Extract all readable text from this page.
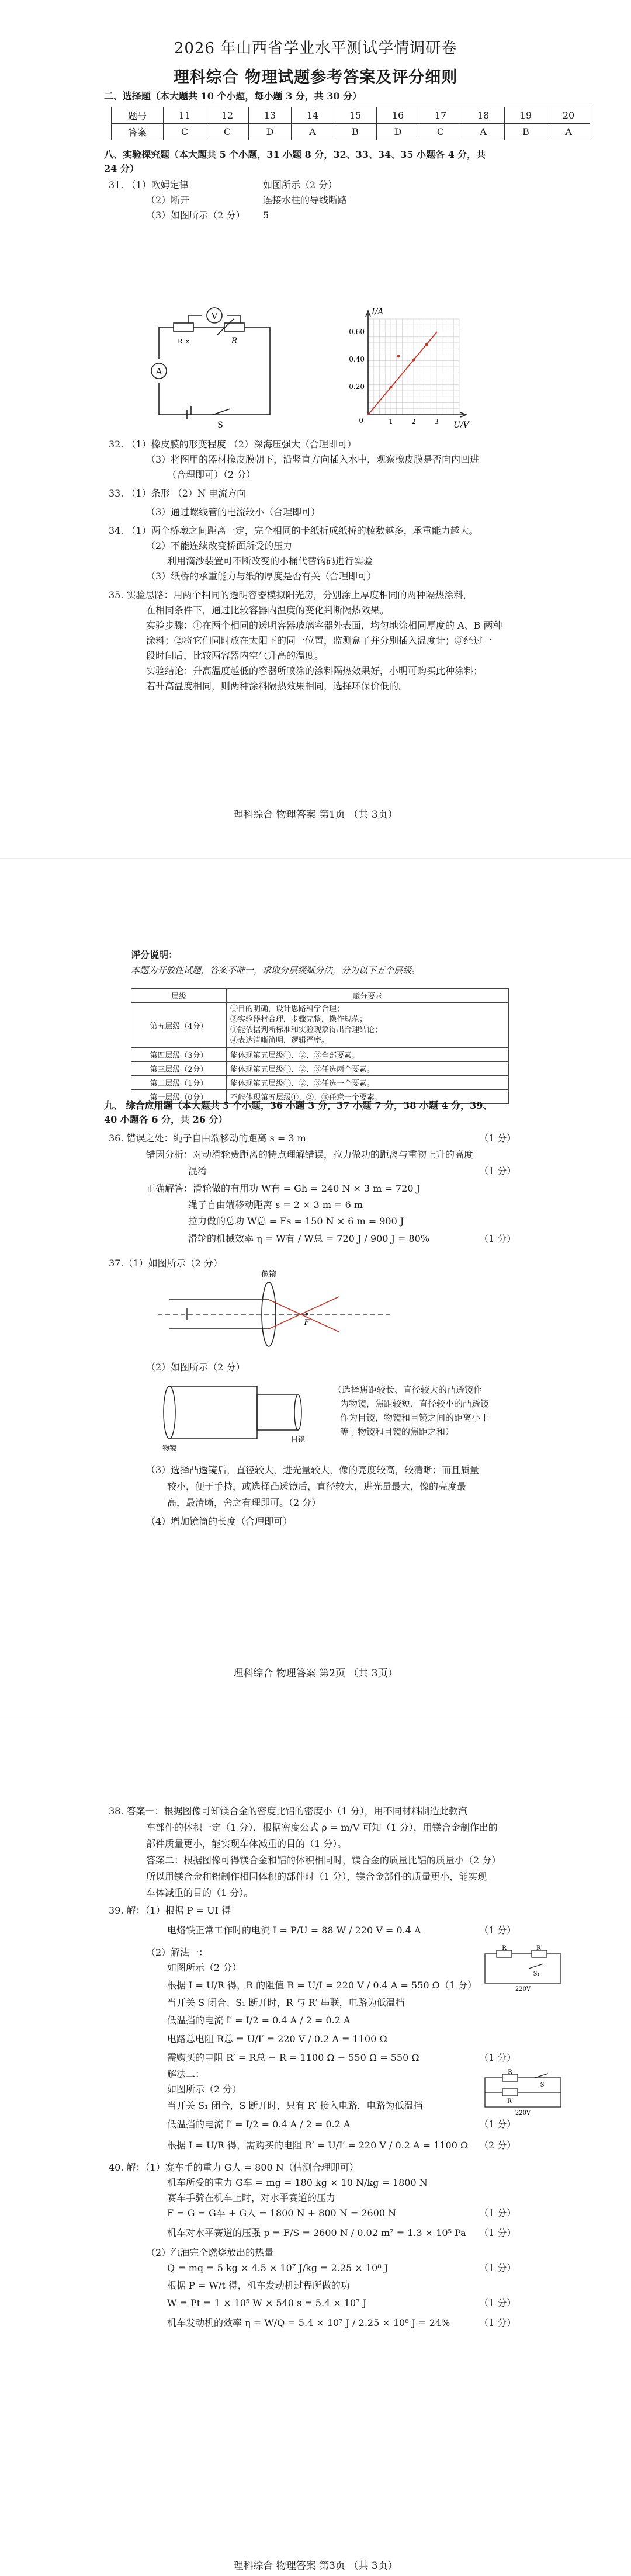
2026 年山西省学业水平测试学情调研卷
理科综合 物理试题参考答案及评分细则
二、选择题（本大题共 10 个小题，每小题 3 分，共 30 分）
题号	11	12	13	14	15	16	17	18	19	20
答案	C	C	D	A	B	D	C	A	B	A
八、实验探究题（本大题共 5 个小题，31 小题 8 分，32、33、34、35 小题各 4 分，共
24 分）
31. （1）欧姆定律	如图所示（2 分）
（2）断开	连接水柱的导线断路
（3）如图所示（2 分） 5
V
A
R
R_x
S
I/A
U/V
0.60
0.40
0.20
0	1	2	3
32. （1）橡皮膜的形变程度 （2）深海压强大（合理即可）
（3）将图甲的器材橡皮膜朝下，沿竖直方向插入水中，观察橡皮膜是否向内凹进
（合理即可）（2 分）
33. （1）条形 （2）N 电流方向
（3）通过螺线管的电流较小（合理即可）
34. （1）两个桥墩之间距离一定，完全相同的卡纸折成纸桥的棱数越多，承重能力越大。
（2）不能连续改变桥面所受的压力
利用滴沙装置可不断改变的小桶代替钩码进行实验
（3）纸桥的承重能力与纸的厚度是否有关（合理即可）
35. 实验思路：用两个相同的透明容器模拟阳光房，分别涂上厚度相同的两种隔热涂料，
在相同条件下，通过比较容器内温度的变化判断隔热效果。
实验步骤：①在两个相同的透明容器玻璃容器外表面，均匀地涂相同厚度的 A、B 两种
涂料；②将它们同时放在太阳下的同一位置，监测盒子并分别插入温度计；③经过一
段时间后，比较两容器内空气升高的温度。
实验结论：升高温度越低的容器所喷涂的涂料隔热效果好，小明可购买此种涂料；
若升高温度相同，则两种涂料隔热效果相同，选择环保价低的。
理科综合 物理答案 第1页 （共 3页）
评分说明：
本题为开放性试题，答案不唯一，求取分层级赋分法，分为以下五个层级。
层级	赋分要求
第五层级（4分）	①目的明确，设计思路科学合理；
②实验器材合理，步骤完整，操作规范；
③能依据判断标准和实验现象得出合理结论；
④表达清晰简明，逻辑严密。
第四层级（3分）	能体现第五层级①、②、③全部要素。
第三层级（2分）	能体现第五层级①、②、③任选两个要素。
第二层级（1分）	能体现第五层级①、②、③任选一个要素。
第一层级（0分）	不能体现第五层级①、②、③任意一个要素。
九、 综合应用题（本大题共 5 个小题，36 小题 3 分，37 小题 7 分，38 小题 4 分，39、
40 小题各 6 分，共 26 分）
36. 错误之处：绳子自由端移动的距离 s = 3 m	（1 分）
错因分析：对动滑轮费距离的特点理解错误，拉力做功的距离与重物上升的高度
混淆	（1 分）
正确解答：滑轮做的有用功 W有 = Gh = 240 N × 3 m = 720 J
绳子自由端移动距离 s = 2 × 3 m = 6 m
拉力做的总功 W总 = Fs = 150 N × 6 m = 900 J
滑轮的机械效率 η = W有 / W总 = 720 J / 900 J = 80%	（1 分）
37.（1）如图所示（2 分）
像镜
F
（2）如图所示（2 分）
物镜
目镜
（选择焦距较长、直径较大的凸透镜作
为物镜，焦距较短、直径较小的凸透镜
作为目镜，物镜和目镜之间的距离小于
等于物镜和目镜的焦距之和）
（3）选择凸透镜后，直径较大，进光量较大，像的亮度较高，较清晰；而且质量
较小，便于手持，或选择凸透镜后，直径较大，进光量最大，像的亮度最
高，最清晰，舍之有理即可。（2 分）
（4）增加镜筒的长度（合理即可）
理科综合 物理答案 第2页 （共 3页）
38. 答案一：根据图像可知镁合金的密度比铝的密度小（1 分），用不同材料制造此款汽
车部件的体积一定（1 分），根据密度公式 ρ = m/V 可知（1 分），用镁合金制作出的
部件质量更小，能实现车体减重的目的（1 分）。
答案二：根据图像可得镁合金和铝的体积相同时，镁合金的质量比铝的质量小（2 分）
所以用镁合金和铝制作相同体积的部件时（1 分），镁合金部件的质量更小，能实现
车体减重的目的（1 分）。
39. 解：（1）根据 P = UI 得
电烙铁正常工作时的电流 I = P/U = 88 W / 220 V = 0.4 A	（1 分）
（2）解法一：
如图所示（2 分）
根据 I = U/R 得，R 的阻值 R = U/I = 220 V / 0.4 A = 550 Ω（1 分）
R	R′
S₁
220V
当开关 S 闭合、S₁ 断开时，R 与 R′ 串联，电路为低温挡
低温挡的电流 I′ = I/2 = 0.4 A / 2 = 0.2 A
电路总电阻 R总 = U/I′ = 220 V / 0.2 A = 1100 Ω
需购买的电阻 R′ = R总 − R = 1100 Ω − 550 Ω = 550 Ω	（1 分）
解法二：
如图所示（2 分）
R
R′
S
220V
当开关 S₁ 闭合，S 断开时，只有 R′ 接入电路，电路为低温挡
低温挡的电流 I′ = I/2 = 0.4 A / 2 = 0.2 A	（1 分）
根据 I = U/R 得，需购买的电阻 R′ = U/I′ = 220 V / 0.2 A = 1100 Ω （2 分）
40. 解：（1）赛车手的重力 G人 = 800 N（估测合理即可）
机车所受的重力 G车 = mg = 180 kg × 10 N/kg = 1800 N
赛车手骑在机车上时，对水平赛道的压力
F = G = G车 + G人 = 1800 N + 800 N = 2600 N	（1 分）
机车对水平赛道的压强 p = F/S = 2600 N / 0.02 m² = 1.3 × 10⁵ Pa （1 分）
（2）汽油完全燃烧放出的热量
Q = mq = 5 kg × 4.5 × 10⁷ J/kg = 2.25 × 10⁸ J	（1 分）
根据 P = W/t 得，机车发动机过程所做的功
W = Pt = 1 × 10⁵ W × 540 s = 5.4 × 10⁷ J	（1 分）
机车发动机的效率 η = W/Q = 5.4 × 10⁷ J / 2.25 × 10⁸ J = 24%	（1 分）
理科综合 物理答案 第3页 （共 3页）
